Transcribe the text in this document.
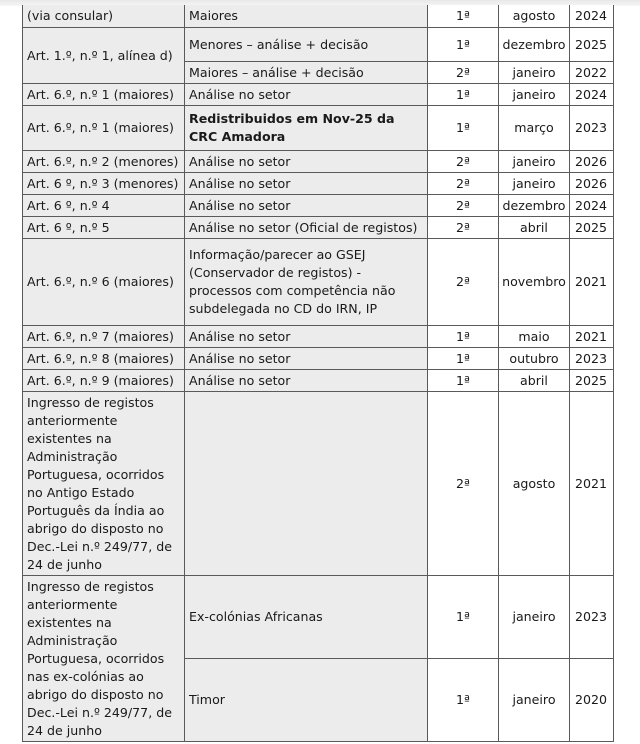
(via consular)	Maiores	1ª	agosto	2024
Art. 1.º, n.º 1, alínea d)	Menores – análise + decisão	1ª	dezembro	2025
	Maiores – análise + decisão	2ª	janeiro	2022
Art. 6.º, n.º 1 (maiores)	Análise no setor	1ª	janeiro	2024
Art. 6.º, n.º 1 (maiores)	Redistribuidos em Nov-25 da CRC Amadora	1ª	março	2023
Art. 6.º, n.º 2 (menores)	Análise no setor	2ª	janeiro	2026
Art. 6 º, n.º 3 (menores)	Análise no setor	2ª	janeiro	2026
Art. 6 º, n.º 4	Análise no setor	2ª	dezembro	2024
Art. 6 º, n.º 5	Análise no setor (Oficial de registos)	2ª	abril	2025
Art. 6.º, n.º 6 (maiores)	Informação/parecer ao GSEJ (Conservador de registos) - processos com competência não subdelegada no CD do IRN, IP	2ª	novembro	2021
Art. 6.º, n.º 7 (maiores)	Análise no setor	1ª	maio	2021
Art. 6.º, n.º 8 (maiores)	Análise no setor	1ª	outubro	2023
Art. 6.º, n.º 9 (maiores)	Análise no setor	1ª	abril	2025
Ingresso de registos anteriormente existentes na Administração Portuguesa, ocorridos no Antigo Estado Português da Índia ao abrigo do disposto no Dec.-Lei n.º 249/77, de 24 de junho		2ª	agosto	2021
Ingresso de registos anteriormente existentes na Administração Portuguesa, ocorridos nas ex-colónias ao abrigo do disposto no Dec.-Lei n.º 249/77, de 24 de junho	Ex-colónias Africanas	1ª	janeiro	2023
	Timor	1ª	janeiro	2020
